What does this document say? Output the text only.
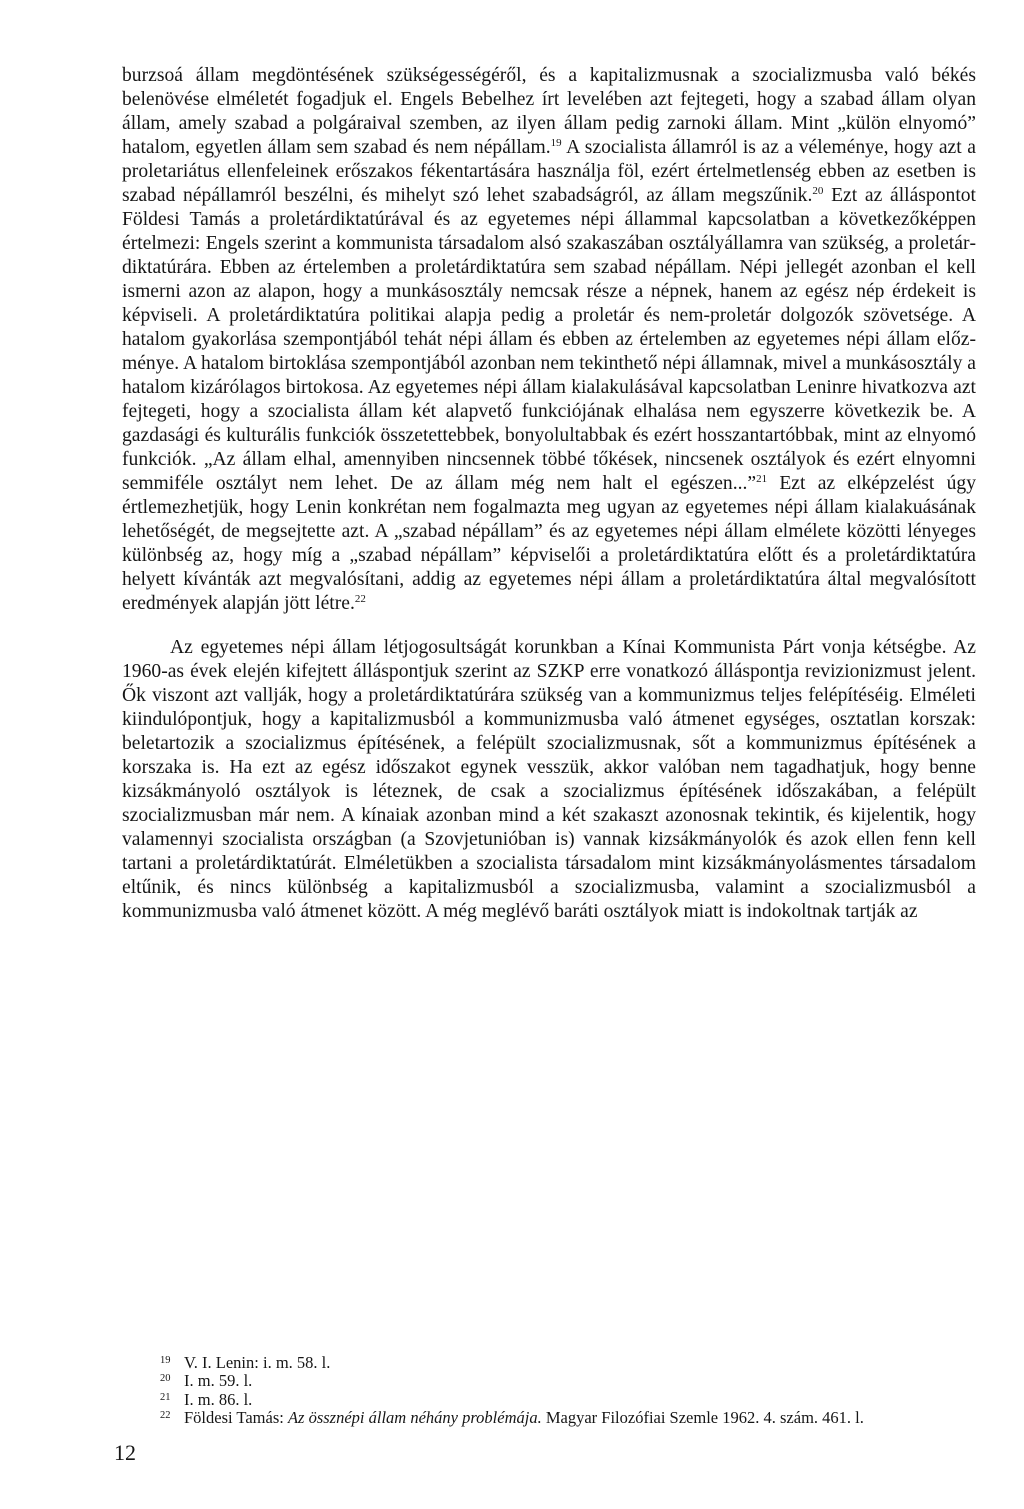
burzsoá állam megdöntésének szükségességéről, és a kapitalizmusnak a szocializmusba való békés belenövése elméletét fogadjuk el. Engels Bebelhez írt levelében azt fejtegeti, hogy a szabad állam olyan állam, amely szabad a polgáraival szemben, az ilyen állam pedig zarnoki állam. Mint „külön elnyomó” hatalom, egyetlen állam sem szabad és nem népállam.$^{19}$ A szocialista államról is az a véleménye, hogy azt a proletariátus ellenfeleinek erőszakos fékentartására használja föl, ezért értelmetlenség ebben az esetben is szabad népállamról beszélni, és mihelyt szó lehet szabadságról, az állam megszűnik.$^{20}$ Ezt az álláspontot Földesi Tamás a proletárdiktatúrával és az egyetemes népi állammal kapcsolatban a következőképpen értelmezi: Engels szerint a kommunista társadalom alsó szakaszában osztályállamra van szükség, a proletárdiktatúrára. Ebben az értelemben a proletárdiktatúra sem szabad népállam. Népi jellegét azonban el kell ismerni azon az alapon, hogy a munkásosztály nemcsak része a népnek, hanem az egész nép érdekeit is képviseli. A proletárdiktatúra politikai alapja pedig a proletár és nem-proletár dolgozók szövetsége. A hatalom gyakorlása szempontjából tehát népi állam és ebben az értelemben az egyetemes népi állam előzménye. A hatalom birtoklása szempontjából azonban nem tekinthető népi államnak, mivel a munkásosztály a hatalom kizárólagos birtokosa. Az egyetemes népi állam kialakulásával kapcsolatban Leninre hivatkozva azt fejtegeti, hogy a szocialista állam két alapvető funkciójának elhalása nem egyszerre következik be. A gazdasági és kulturális funkciók összetettebbek, bonyolultabbak és ezért hosszantartóbbak, mint az elnyomó funkciók. „Az állam elhal, amennyiben nincsennek többé tőkések, nincsenek osztályok és ezért elnyomni semmiféle osztályt nem lehet. De az állam még nem halt el egészen...”$^{21}$ Ezt az elképzelést úgy értlemezhetjük, hogy Lenin konkrétan nem fogalmazta meg ugyan az egyetemes népi állam kialakuásának lehetőségét, de megsejtette azt. A „szabad népállam” és az egyetemes népi állam elmélete közötti lényeges különbség az, hogy míg a „szabad népállam” képviselői a proletárdiktatúra előtt és a proletárdiktatúra helyett kívánták azt megvalósítani, addig az egyetemes népi állam a proletárdiktatúra által megvalósított eredmények alapján jött létre.$^{22}$

Az egyetemes népi állam létjogosultságát korunkban a Kínai Kommunista Párt vonja kétségbe. Az 1960-as évek elején kifejtett álláspontjuk szerint az SZKP erre vonatkozó álláspontja revizionizmust jelent. Ők viszont azt vallják, hogy a proletárdiktatúrára szükség van a kommunizmus teljes felépítéséig. Elméleti kiindulópontjuk, hogy a kapitalizmusból a kommunizmusba való átmenet egységes, osztatlan korszak: beletartozik a szocializmus építésének, a felépült szocializmusnak, sőt a kommunizmus építésének a korszaka is. Ha ezt az egész időszakot egynek vesszük, akkor valóban nem tagadhatjuk, hogy benne kizsákmányoló osztályok is léteznek, de csak a szocializmus építésének időszakában, a felépült szocializmusban már nem. A kínaiak azonban mind a két szakaszt azonosnak tekintik, és kijelentik, hogy valamennyi szocialista országban (a Szovjetunióban is) vannak kizsákmányolók és azok ellen fenn kell tartani a proletárdiktatúrát. Elméletükben a szocialista társadalom mint kizsákmányolásmentes társadalom eltűnik, és nincs különbség a kapitalizmusból a szocializmusba, valamint a szocializmusból a kommunizmusba való átmenet között. A még meglévő baráti osztályok miatt is indokoltnak tartják az

19 V. I. Lenin: i. m. 58. l.

20 I. m. 59. l.

21 I. m. 86. l.

22 Földesi Tamás: Az össznépi állam néhány problémája. Magyar Filozófiai Szemle 1962. 4. szám. 461. l.

12
